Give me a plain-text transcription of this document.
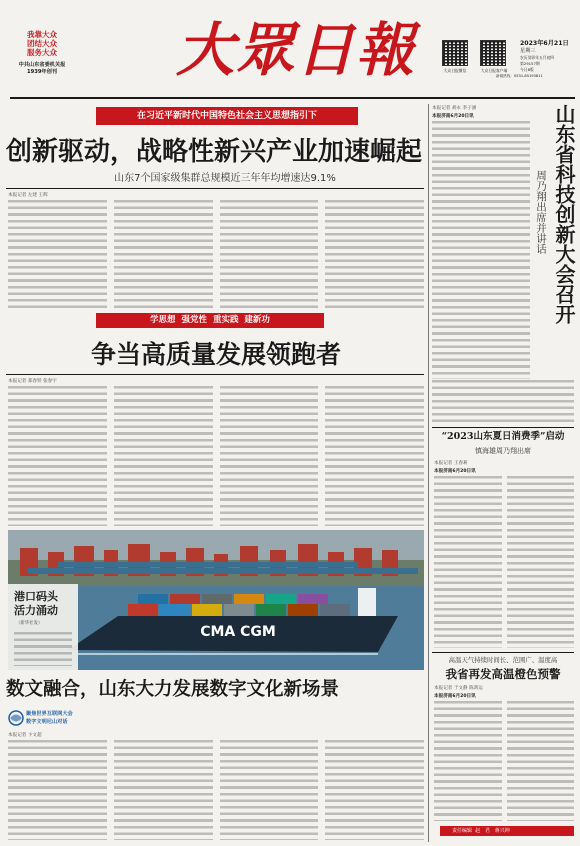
我靠大众
团结大众
服务大众
中共山东省委机关报
1939年创刊 大眾日報	大众日报微信	大众日报客户端
2023年6月21日
星期三
农历癸卯年五月初四
第29157期
今日8版
新闻热线：0531-85193811
在习近平新时代中国特色社会主义思想指引下
创新驱动，战略性新兴产业加速崛起
山东7个国家级集群总规模近三年年均增速达9.1%
本报记者 左建 王辉
学思想 强党性 重实践 建新功
争当高质量发展领跑者
本报记者 郑春铁 张春宇
CMA CGM
港口码头
活力涌动
（新华社发）
数文融合，山东大力发展数字文化新场景
聚焦世界互联网大会
数字文明尼山对话
本报记者 卞文超
山东省科技创新大会召开
周乃翔出席并讲话
本报记者 胡永 李子涵
本报济南6月20日讯
“2023山东夏日消费季”启动
慎海雄周乃翔出席
本报记者 王春莉
本报济南6月20日讯
高温天气持续时间长、范围广、温度高
我省再发高温橙色预警
本报记者 于文静 陈鸿运
本报济南6月20日讯
责任编辑  赵   君   蒋兴坤
